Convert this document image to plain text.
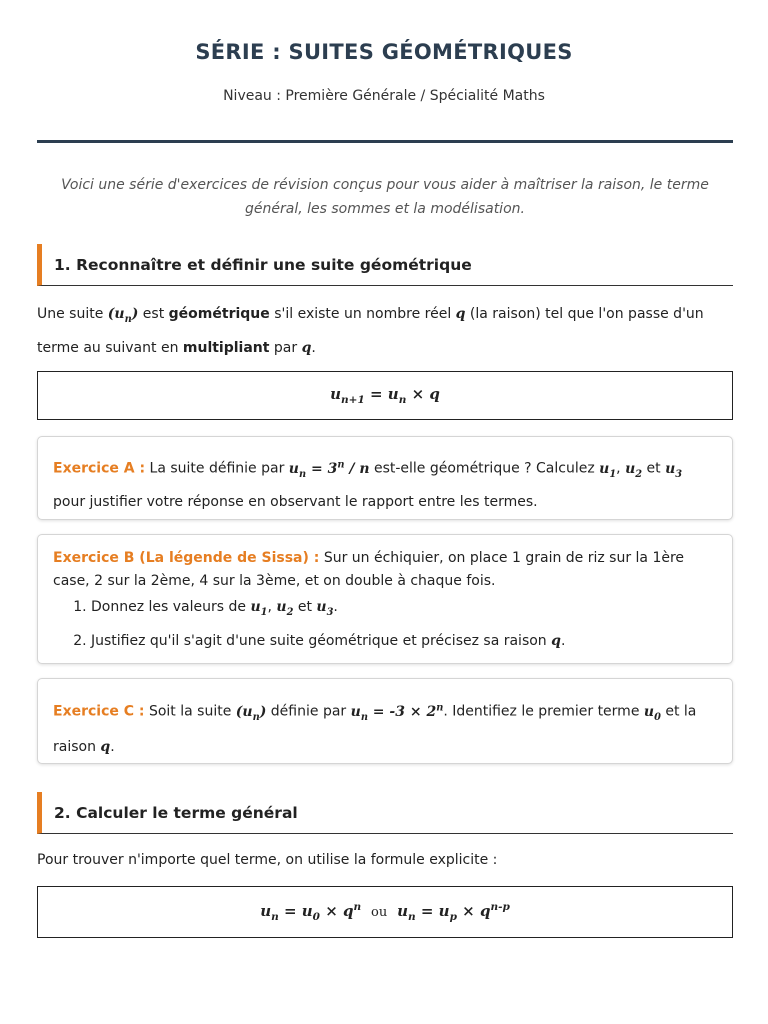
SÉRIE : SUITES GÉOMÉTRIQUES
Niveau : Première Générale / Spécialité Maths
Voici une série d'exercices de révision conçus pour vous aider à maîtriser la raison, le terme général, les sommes et la modélisation.
1. Reconnaître et définir une suite géométrique
Une suite $(u_n)$ est géométrique s'il existe un nombre réel q (la raison) tel que l'on passe d'un terme au suivant en multipliant par q.
$u_{n+1} = u_n \times q$
Exercice A : La suite définie par $u_n = 3^n / n$ est-elle géométrique ? Calculez $u_1$, $u_2$ et $u_3$ pour justifier votre réponse en observant le rapport entre les termes.
Exercice B (La légende de Sissa) : Sur un échiquier, on place 1 grain de riz sur la 1ère case, 2 sur la 2ème, 4 sur la 3ème, et on double à chaque fois.
1. Donnez les valeurs de $u_1$, $u_2$ et $u_3$.
2. Justifiez qu'il s'agit d'une suite géométrique et précisez sa raison q.
Exercice C : Soit la suite $(u_n)$ définie par $u_n = -3 \times 2^n$. Identifiez le premier terme $u_0$ et la raison q.
2. Calculer le terme général
Pour trouver n'importe quel terme, on utilise la formule explicite :
$u_n = u_0 \times q^n$ ou $u_n = u_p \times q^{n-p}$
